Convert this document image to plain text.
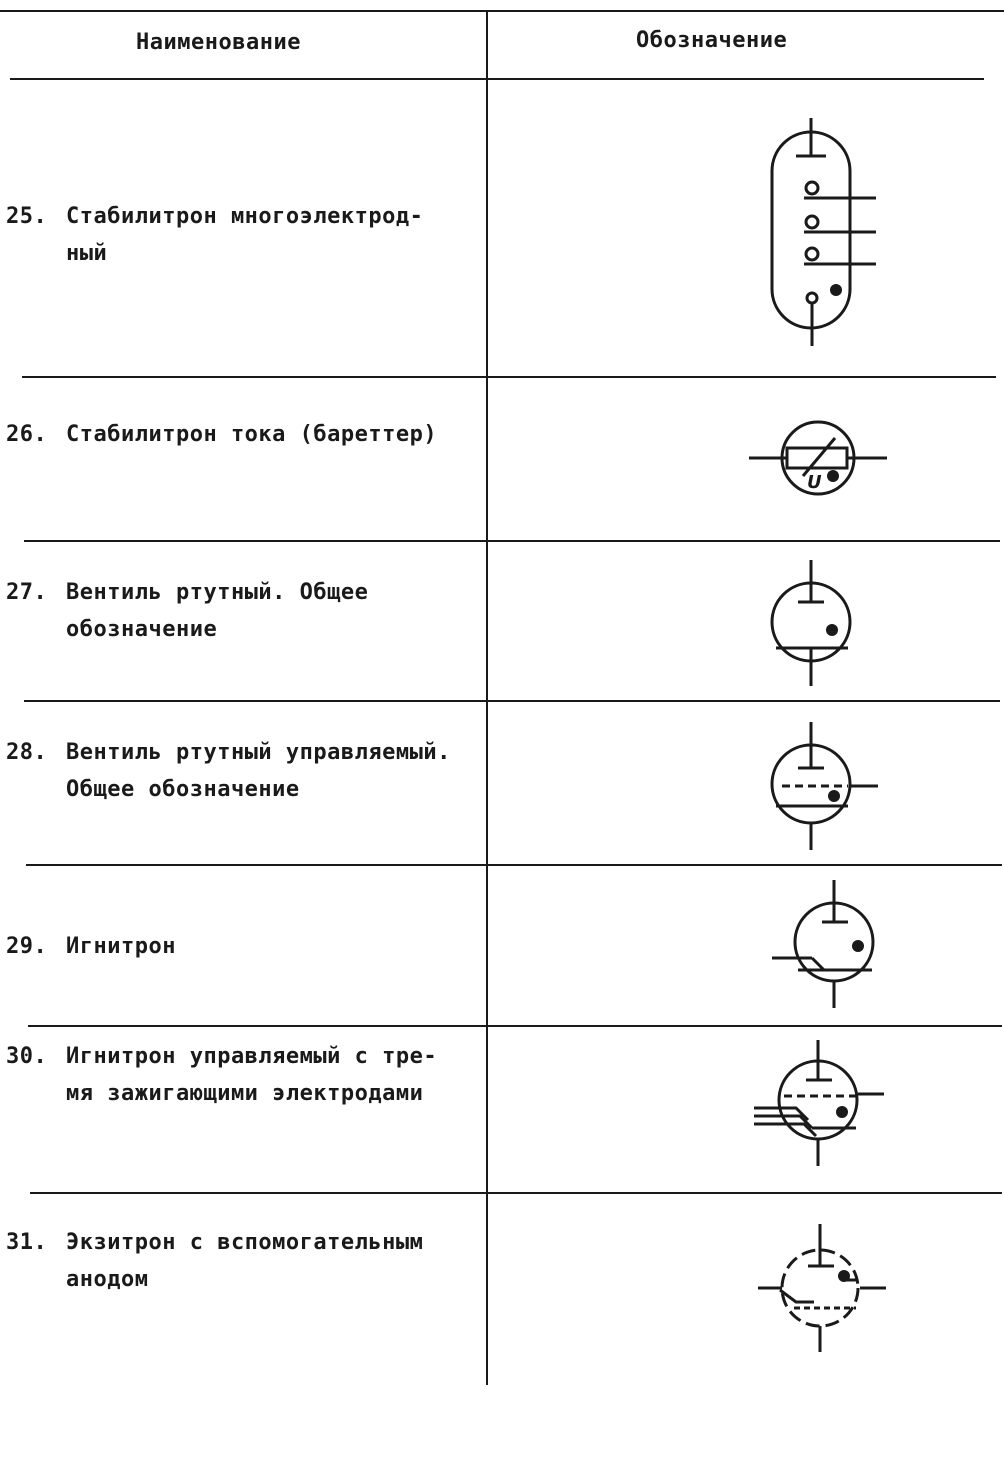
Наименование	Обозначение
25. Стабилитрон многоэлектрод-
ный
26. Стабилитрон тока (бареттер)
27. Вентиль ртутный. Общее
обозначение
28. Вентиль ртутный управляемый.
Общее обозначение
29. Игнитрон
30. Игнитрон управляемый с тре-
мя зажигающими электродами
31. Экзитрон с вспомогательным
анодом
U
